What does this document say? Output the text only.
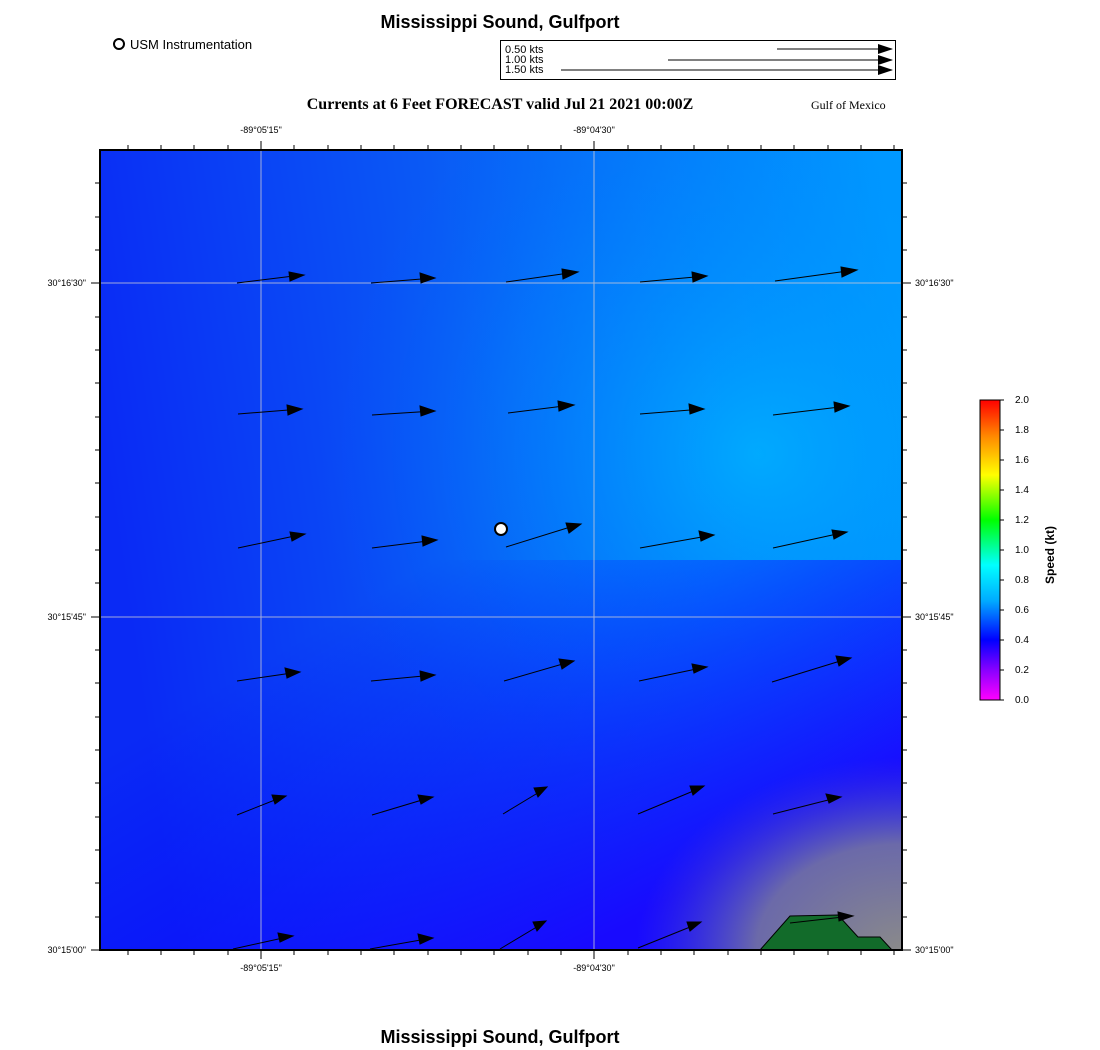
Mississippi Sound, Gulfport
Currents at 6 Feet FORECAST valid Jul 21 2021 00:00Z	Gulf of Mexico
Mississippi Sound, Gulfport
USM Instrumentation	0.50 kts
1.00 kts
1.50 kts
-89°05'15"	-89°04'30"
-89°05'15"	-89°04'30"
30°16'30"
30°15'45"
30°15'00"
30°16'30"
30°15'45"
30°15'00"
2.0
1.8
1.6
1.4
1.2
1.0
0.8
0.6
0.4
0.2
0.0
Speed (kt)
